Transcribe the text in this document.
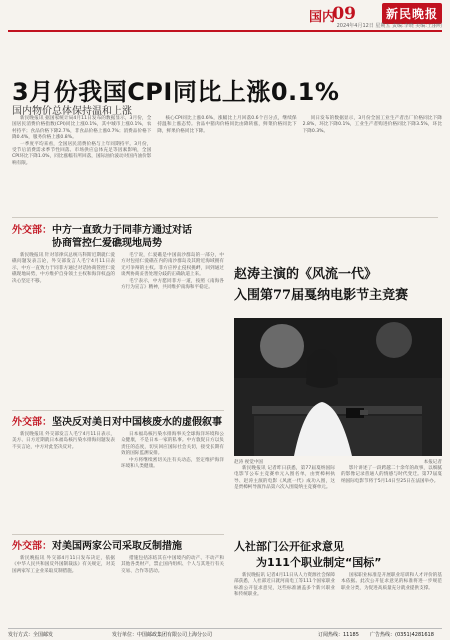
国内
09	新民晚报
2024年4月12日 星期五 责编:李晓 美编:王丽明
3月份我国CPI同比上涨0.1%
国内物价总体保持温和上涨

新民晚报讯 据国家统计局4月11日发布的数据显示，3月份，全国居民消费价格指数(CPI)同比上涨0.1%，其中城市上涨0.1%，农村持平；食品价格下降2.7%，非食品价格上涨0.7%；消费品价格下降0.4%，服务价格上涨0.8%。

一季度平均来看，全国居民消费价格与上年同期持平。3月份，受节后消费需求季节性回落、市场供应总体充足等因素影响，全国CPI环比下降1.0%，同比涨幅有所回落，国际油价波动对国内油价影响有限。

核心CPI同比上涨0.6%，涨幅比上月回落0.6个百分点，继续保持温和上涨态势。食品中猪肉价格同比由降转涨，鲜菜价格同比下降，鲜果价格同比下降。

同日发布的数据显示，3月份全国工业生产者出厂价格同比下降2.8%，环比下降0.1%，工业生产者购进价格同比下降3.5%，环比下降0.3%。

外交部：中方一直致力于同菲方通过对话
协商管控仁爱礁现地局势

新民晚报讯 针对菲律宾总统马科斯近期就仁爱礁问题发表言论，外交部发言人毛宁4月11日表示，中方一直致力于同菲方通过对话协商管控仁爱礁现地局势，中方维护自身领土主权和海洋权益的决心坚定不移。

毛宁说，仁爱礁是中国南沙群岛的一部分，中方对包括仁爱礁在内的南沙群岛及其附近海域拥有无可争辩的主权。菲方应停止侵权挑衅，回到通过谈判协商妥善处理分歧的正确轨道上来。

毛宁表示，中方愿同菲方一道，按照《南海各方行为宣言》精神，共同维护南海和平稳定。

赵涛主演的《风流一代》
入围第77届戛纳电影节主竞赛
赵涛 视觉中国	本报记者

新民晚报讯 记者昨日获悉，第77届戛纳国际电影节公布主竞赛单元入围名单，由贾樟柯执导、赵涛主演的电影《风流一代》成功入围，这是贾樟柯导演作品第六次入围戛纳主竞赛单元。

影片讲述了一段跨越二十余年的故事，以细腻的影像记录普通人的情感与时代变迁。第77届戛纳国际电影节将于5月14日至25日在法国举办。

外交部：坚决反对美日对中国核废水的虚假叙事

新民晚报讯 外交部发言人毛宁4月11日表示，美方、日方近期就日本福岛核污染水排海问题发表不实言论，中方对此坚决反对。

日本福岛核污染水排海事关全球海洋环境和公众健康，不是日本一家的私事。中方敦促日方以负责任的态度，切实回应国际社会关切，接受长期有效的国际监测安排。

中方将继续密切关注有关动态，坚定维护海洋环境和人类健康。

外交部：对美国两家公司采取反制措施

新民晚报讯 外交部4月11日发布决定，依据《中华人民共和国反外国制裁法》有关规定，对美国两家军工企业采取反制措施。

措施包括冻结其在中国境内的动产、不动产和其他各类财产，禁止国内组织、个人与其进行有关交易、合作等活动。

人社部门公开征求意见
为111个职业制定“国标”

新民晚报讯 记者4月11日从人力资源社会保障部获悉，人社部近日就河南电工等111个国家职业标准公开征求意见，这些标准涵盖多个新兴职业和传统职业。

国家职业标准是开展职业培训和人才评价的基本依据。此次公开征求意见的标准将进一步规范职业分类，为促进高质量充分就业提供支撑。

发行方式：全国邮发	发行单位：中国邮政集团有限公司上海分公司	订阅热线：11185 广告热线：(0351)4281618
